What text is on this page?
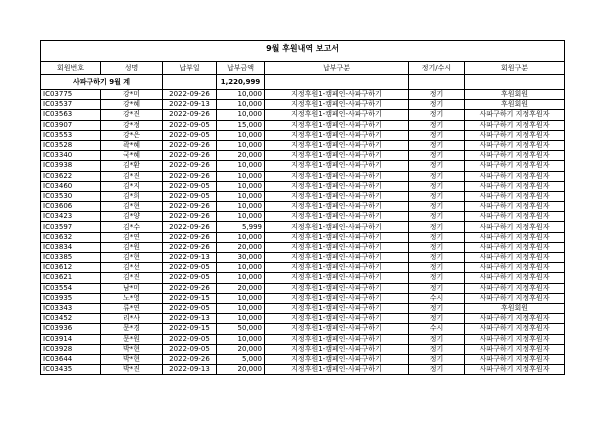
9월 후원내역 보고서						

회원번호	성명	납부일	납부금액	납부구분	정기/수시	회원구분
사파구하기 9월 계			1,220,999			
IC03775	강*미	2022-09-26	10,000	지정후원1-캠페인-사파구하기	정기	후원회원
IC03537	강*혜	2022-09-13	10,000	지정후원1-캠페인-사파구하기	정기	후원회원
IC03563	강*진	2022-09-26	10,000	지정후원1-캠페인-사파구하기	정기	사파구하기 지정후원자
IC03907	강*정	2022-09-05	15,000	지정후원1-캠페인-사파구하기	정기	사파구하기 지정후원자
IC03553	강*은	2022-09-05	10,000	지정후원1-캠페인-사파구하기	정기	사파구하기 지정후원자
IC03528	곽*혜	2022-09-26	10,000	지정후원1-캠페인-사파구하기	정기	사파구하기 지정후원자
IC03340	국*혜	2022-09-26	20,000	지정후원1-캠페인-사파구하기	정기	사파구하기 지정후원자
IC03938	김*환	2022-09-26	10,000	지정후원1-캠페인-사파구하기	정기	사파구하기 지정후원자
IC03622	김*진	2022-09-26	10,000	지정후원1-캠페인-사파구하기	정기	사파구하기 지정후원자
IC03460	김*지	2022-09-05	10,000	지정후원1-캠페인-사파구하기	정기	사파구하기 지정후원자
IC03530	김*희	2022-09-05	10,000	지정후원1-캠페인-사파구하기	정기	사파구하기 지정후원자
IC03606	김*현	2022-09-26	10,000	지정후원1-캠페인-사파구하기	정기	사파구하기 지정후원자
IC03423	김*양	2022-09-26	10,000	지정후원1-캠페인-사파구하기	정기	사파구하기 지정후원자
IC03597	김*수	2022-09-26	5,999	지정후원1-캠페인-사파구하기	정기	사파구하기 지정후원자
IC03632	김*연	2022-09-26	10,000	지정후원1-캠페인-사파구하기	정기	사파구하기 지정후원자
IC03834	김*원	2022-09-26	20,000	지정후원1-캠페인-사파구하기	정기	사파구하기 지정후원자
IC03385	김*현	2022-09-13	30,000	지정후원1-캠페인-사파구하기	정기	사파구하기 지정후원자
IC03612	김*선	2022-09-05	10,000	지정후원1-캠페인-사파구하기	정기	사파구하기 지정후원자
IC03621	김*진	2022-09-05	10,000	지정후원1-캠페인-사파구하기	정기	사파구하기 지정후원자
IC03554	남*미	2022-09-26	20,000	지정후원1-캠페인-사파구하기	정기	사파구하기 지정후원자
IC03935	노*영	2022-09-15	10,000	지정후원1-캠페인-사파구하기	수시	사파구하기 지정후원자
IC03343	류*연	2022-09-05	10,000	지정후원1-캠페인-사파구하기	정기	후원회원
IC03452	리*사	2022-09-13	10,000	지정후원1-캠페인-사파구하기	정기	사파구하기 지정후원자
IC03936	문*경	2022-09-15	50,000	지정후원1-캠페인-사파구하기	수시	사파구하기 지정후원자
IC03914	문*원	2022-09-05	10,000	지정후원1-캠페인-사파구하기	정기	사파구하기 지정후원자
IC03928	박*현	2022-09-05	20,000	지정후원1-캠페인-사파구하기	정기	사파구하기 지정후원자
IC03644	박*현	2022-09-26	5,000	지정후원1-캠페인-사파구하기	정기	사파구하기 지정후원자
IC03435	박*진	2022-09-13	20,000	지정후원1-캠페인-사파구하기	정기	사파구하기 지정후원자
